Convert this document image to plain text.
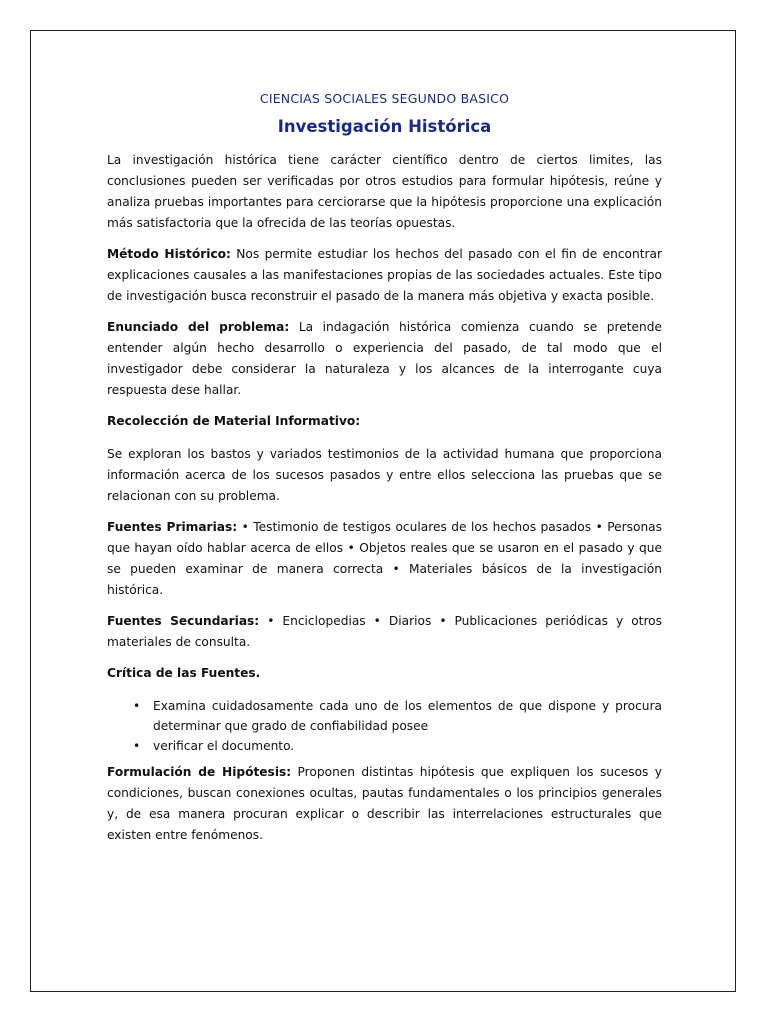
CIENCIAS SOCIALES SEGUNDO BASICO
Investigación Histórica

La investigación histórica tiene carácter científico dentro de ciertos limites, las conclusiones pueden ser verificadas por otros estudios para formular hipótesis, reúne y analiza pruebas importantes para cerciorarse que la hipótesis proporcione una explicación más satisfactoria que la ofrecida de las teorías opuestas.

Método Histórico: Nos permite estudiar los hechos del pasado con el fin de encontrar explicaciones causales a las manifestaciones propias de las sociedades actuales. Este tipo de investigación busca reconstruir el pasado de la manera más objetiva y exacta posible.

Enunciado del problema: La indagación histórica comienza cuando se pretende entender algún hecho desarrollo o experiencia del pasado, de tal modo que el investigador debe considerar la naturaleza y los alcances de la interrogante cuya respuesta dese hallar.

Recolección de Material Informativo:

Se exploran los bastos y variados testimonios de la actividad humana que proporciona información acerca de los sucesos pasados y entre ellos selecciona las pruebas que se relacionan con su problema.

Fuentes Primarias: • Testimonio de testigos oculares de los hechos pasados • Personas que hayan oído hablar acerca de ellos • Objetos reales que se usaron en el pasado y que se pueden examinar de manera correcta • Materiales básicos de la investigación histórica.

Fuentes Secundarias: • Enciclopedias • Diarios • Publicaciones periódicas y otros materiales de consulta.

Crítica de las Fuentes.

• Examina cuidadosamente cada uno de los elementos de que dispone y procura determinar que grado de confiabilidad posee
• verificar el documento.

Formulación de Hipótesis: Proponen distintas hipótesis que expliquen los sucesos y condiciones, buscan conexiones ocultas, pautas fundamentales o los principios generales y, de esa manera procuran explicar o describir las interrelaciones estructurales que existen entre fenómenos.
